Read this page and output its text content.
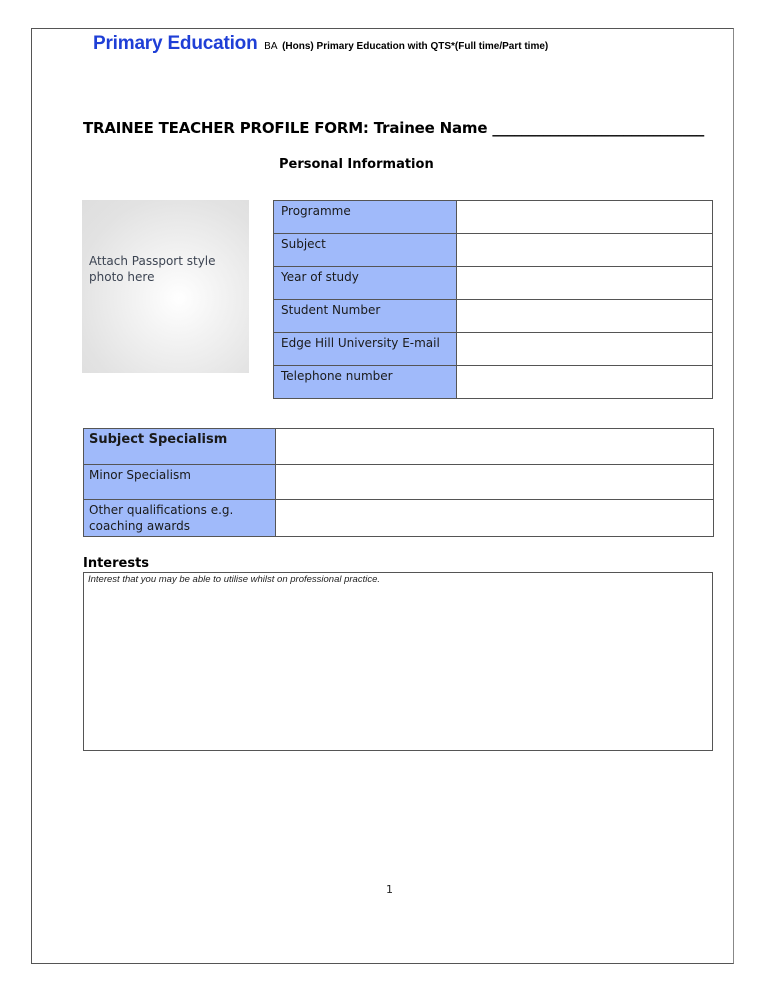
Primary Education BA (Hons) Primary Education with QTS*(Full time/Part time)
TRAINEE TEACHER PROFILE FORM: Trainee Name _____________________________
Personal Information
Attach Passport style photo here
Programme	
Subject	
Year of study	
Student Number	
Edge Hill University E-mail	
Telephone number	
Subject Specialism	
Minor Specialism	
Other qualifications e.g. coaching awards	
Interests
Interest that you may be able to utilise whilst on professional practice.
1
